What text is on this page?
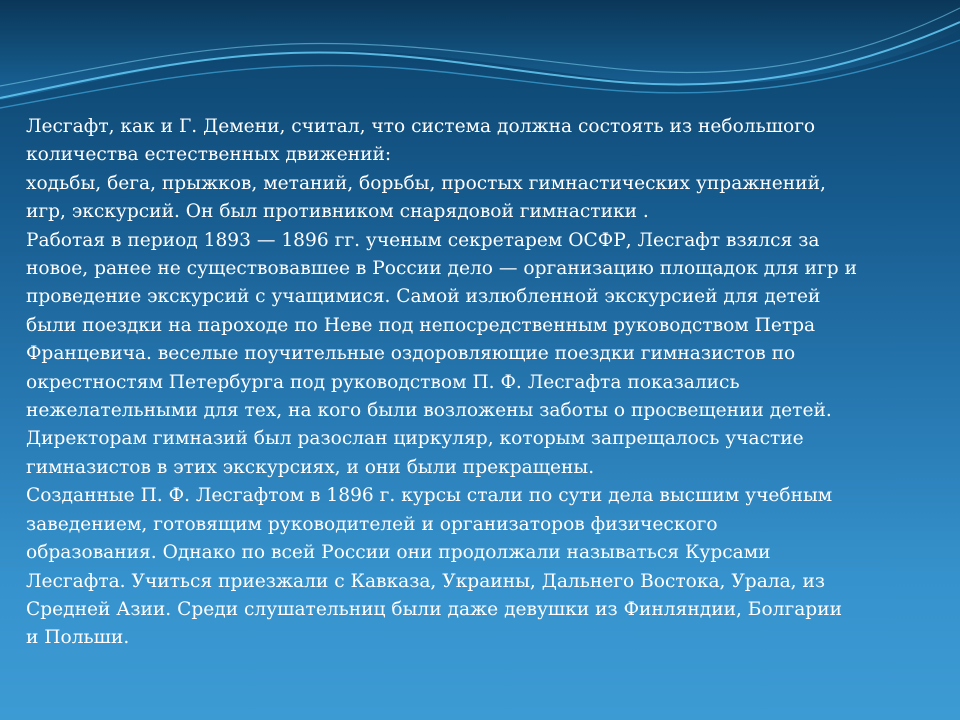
Лесгафт, как и Г. Демени, считал, что система должна состоять из небольшого
количества естественных движений:
ходьбы, бега, прыжков, метаний, борьбы, простых гимнастических упражнений,
игр, экскурсий. Он был противником снарядовой гимнастики .
Работая в период 1893 — 1896 гг. ученым секретарем ОСФР, Лесгафт взялся за
новое, ранее не существовавшее в России дело — организацию площадок для игр и
проведение экскурсий с учащимися. Самой излюбленной экскурсией для детей
были поездки на пароходе по Неве под непосредственным руководством Петра
Францевича. веселые поучительные оздоровляющие поездки гимназистов по
окрестностям Петербурга под руководством П. Ф. Лесгафта показались
нежелательными для тех, на кого были возложены заботы о просвещении детей.
Директорам гимназий был разослан циркуляр, которым запрещалось участие
гимназистов в этих экскурсиях, и они были прекращены.
Созданные П. Ф. Лесгафтом в 1896 г. курсы стали по сути дела высшим учебным
заведением, готовящим руководителей и организаторов физического
образования. Однако по всей России они продолжали называться Курсами
Лесгафта. Учиться приезжали с Кавказа, Украины, Дальнего Востока, Урала, из
Средней Азии. Среди слушательниц были даже девушки из Финляндии, Болгарии
и Польши.
